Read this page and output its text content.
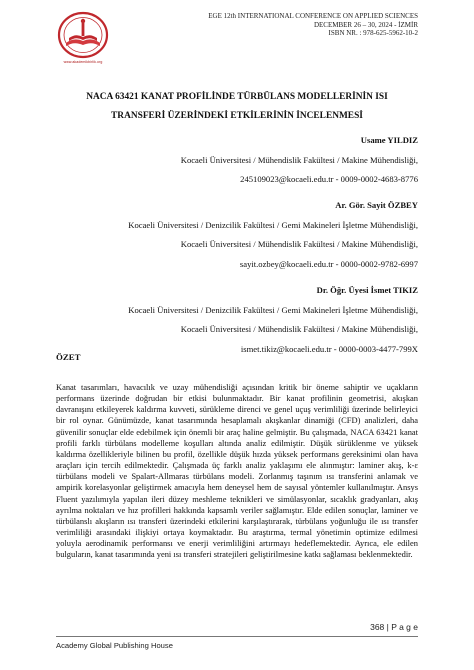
www.akademikbirlik.org
EGE 12th INTERNATIONAL CONFERENCE ON APPLIED SCIENCES
DECEMBER 26 – 30, 2024 - İZMİR
ISBN NR. : 978-625-5962-10-2
NACA 63421 KANAT PROFİLİNDE TÜRBÜLANS MODELLERİNİN ISI
TRANSFERİ ÜZERİNDEKİ ETKİLERİNİN İNCELENMESİ
Usame YILDIZ
Kocaeli Üniversitesi / Mühendislik Fakültesi / Makine Mühendisliği,
245109023@kocaeli.edu.tr - 0009-0002-4683-8776
Ar. Gör. Sayit ÖZBEY
Kocaeli Üniversitesi / Denizcilik Fakültesi / Gemi Makineleri İşletme Mühendisliği,
Kocaeli Üniversitesi / Mühendislik Fakültesi / Makine Mühendisliği,
sayit.ozbey@kocaeli.edu.tr - 0000-0002-9782-6997
Dr. Öğr. Üyesi İsmet TIKIZ
Kocaeli Üniversitesi / Denizcilik Fakültesi / Gemi Makineleri İşletme Mühendisliği,
Kocaeli Üniversitesi / Mühendislik Fakültesi / Makine Mühendisliği,
ismet.tikiz@kocaeli.edu.tr - 0000-0003-4477-799X
ÖZET

Kanat tasarımları, havacılık ve uzay mühendisliği açısından kritik bir öneme sahiptir ve uçakların performans üzerinde doğrudan bir etkisi bulunmaktadır. Bir kanat profilinin geometrisi, akışkan davranışını etkileyerek kaldırma kuvveti, sürükleme direnci ve genel uçuş verimliliği üzerinde belirleyici bir rol oynar. Günümüzde, kanat tasarımında hesaplamalı akışkanlar dinamiği (CFD) analizleri, daha güvenilir sonuçlar elde edebilmek için önemli bir araç haline gelmiştir. Bu çalışmada, NACA 63421 kanat profili farklı türbülans modelleme koşulları altında analiz edilmiştir. Düşük sürüklenme ve yüksek kaldırma özellikleriyle bilinen bu profil, özellikle düşük hızda yüksek performans gereksinimi olan hava araçları için tercih edilmektedir. Çalışmada üç farklı analiz yaklaşımı ele alınmıştır: laminer akış, k-ε türbülans modeli ve Spalart-Allmaras türbülans modeli. Zorlanmış taşınım ısı transferini anlamak ve ampirik korelasyonlar geliştirmek amacıyla hem deneysel hem de sayısal yöntemler kullanılmıştır. Ansys Fluent yazılımıyla yapılan ileri düzey meshleme teknikleri ve simülasyonlar, sıcaklık gradyanları, akış ayrılma noktaları ve hız profilleri hakkında kapsamlı veriler sağlamıştır. Elde edilen sonuçlar, laminer ve türbülanslı akışların ısı transferi üzerindeki etkilerini karşılaştırarak, türbülans yoğunluğu ile ısı transfer verimliliği arasındaki ilişkiyi ortaya koymaktadır. Bu araştırma, termal yönetimin optimize edilmesi yoluyla aerodinamik performansı ve enerji verimliliğini artırmayı hedeflemektedir. Ayrıca, ele edilen bulguların, kanat tasarımında yeni ısı transferi stratejileri geliştirilmesine katkı sağlaması beklenmektedir.

368 | P a g e
Academy Global Publishing House
